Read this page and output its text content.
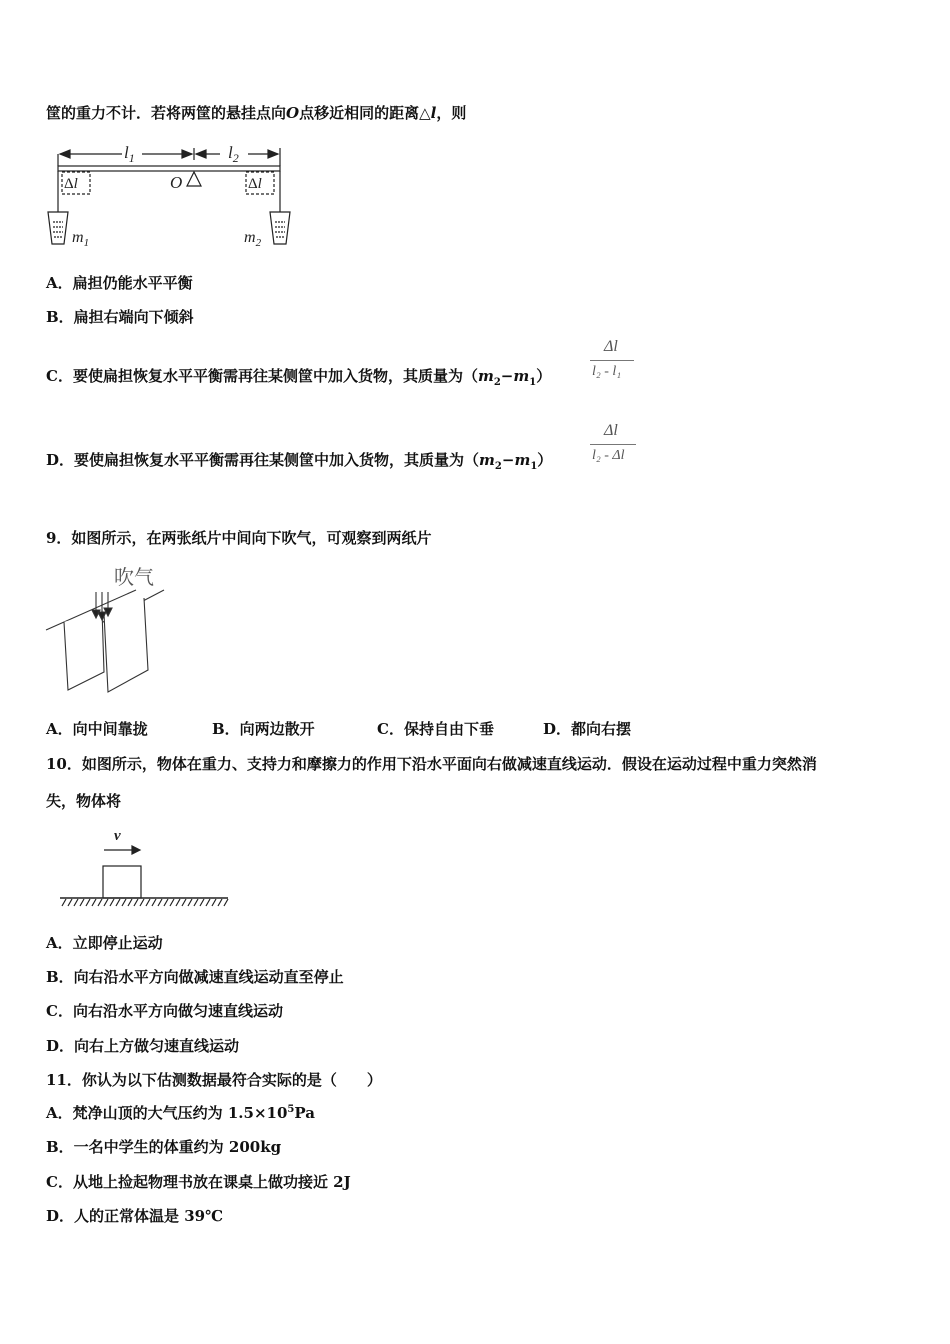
筐的重力不计．若将两筐的悬挂点向O点移近相同的距离△l，则
$l_1$	$l_2$
O
Δl	Δl
$m_1$	$m_2$
A．扁担仍能水平平衡
B．扁担右端向下倾斜
C．要使扁担恢复水平平衡需再往某侧筐中加入货物，其质量为$(m_2-m_1)$
Δl
l₂ - l₁
D．要使扁担恢复水平平衡需再往某侧筐中加入货物，其质量为$(m_2-m_1)$
Δl
l₂ - Δl
9．如图所示，在两张纸片中间向下吹气，可观察到两纸片
吹气
A．向中间靠拢	B．向两边散开	C．保持自由下垂	D．都向右摆
10．如图所示，物体在重力、支持力和摩擦力的作用下沿水平面向右做减速直线运动．假设在运动过程中重力突然消
失，物体将
v
A．立即停止运动
B．向右沿水平方向做减速直线运动直至停止
C．向右沿水平方向做匀速直线运动
D．向右上方做匀速直线运动
11．你认为以下估测数据最符合实际的是（　　）
A．梵净山顶的大气压约为 $1.5\times 10^5Pa$
B．一名中学生的体重约为 200kg
C．从地上捡起物理书放在课桌上做功接近 2J
D．人的正常体温是 39℃
